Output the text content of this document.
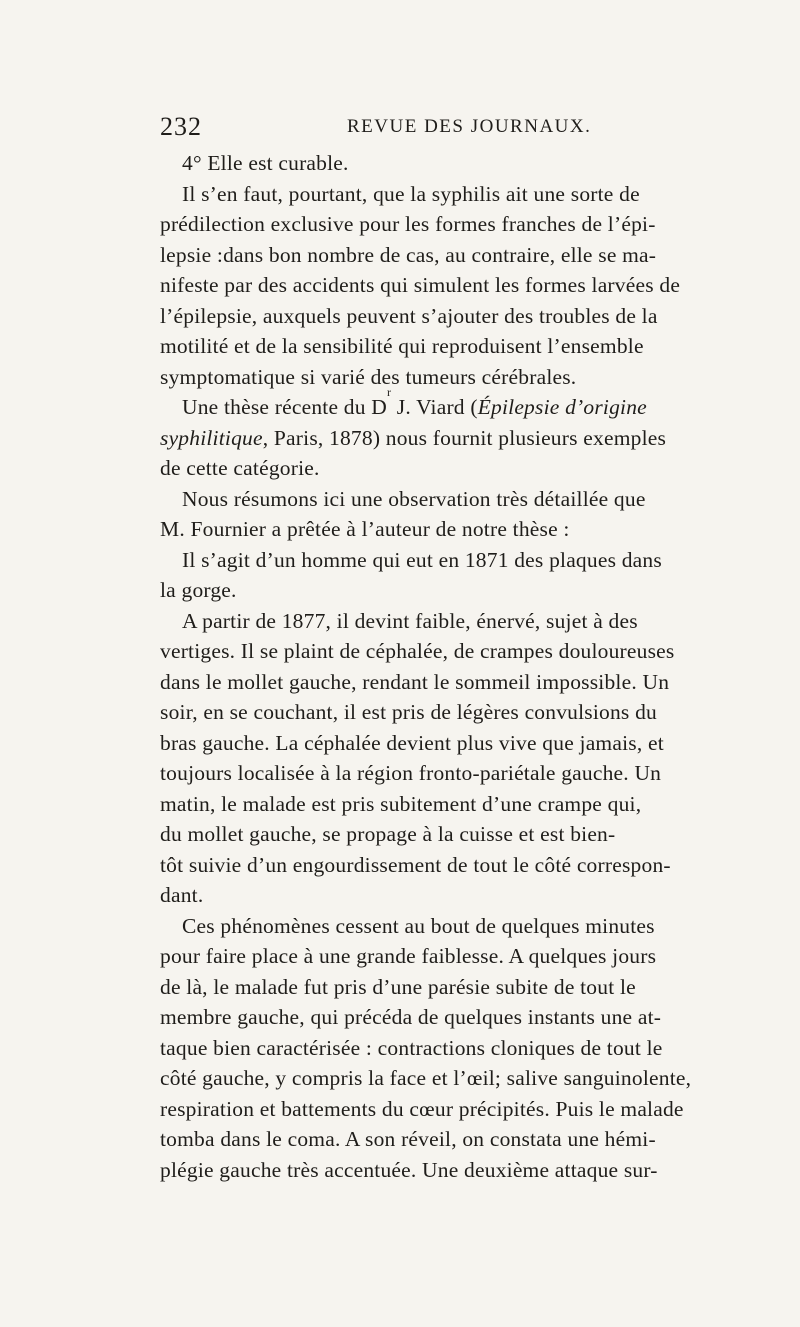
232	REVUE DES JOURNAUX.
4° Elle est curable.
Il s’en faut, pourtant, que la syphilis ait une sorte de
prédilection exclusive pour les formes franches de l’épi-
lepsie :dans bon nombre de cas, au contraire, elle se ma-
nifeste par des accidents qui simulent les formes larvées de
l’épilepsie, auxquels peuvent s’ajouter des troubles de la
motilité et de la sensibilité qui reproduisent l’ensemble
symptomatique si varié des tumeurs cérébrales.
Une thèse récente du D
r
J. Viard ( Épilepsie d’origine
syphilitique , Paris, 1878) nous fournit plusieurs exemples
de cette catégorie.
Nous résumons ici une observation très détaillée que
M. Fournier a prêtée à l’auteur de notre thèse :
Il s’agit d’un homme qui eut en 1871 des plaques dans
la gorge.
A partir de 1877, il devint faible, énervé, sujet à des
vertiges. Il se plaint de céphalée, de crampes douloureuses
dans le mollet gauche, rendant le sommeil impossible. Un
soir, en se couchant, il est pris de légères convulsions du
bras gauche. La céphalée devient plus vive que jamais, et
toujours localisée à la région fronto-pariétale gauche. Un
matin, le malade est pris subitement d’une crampe qui,
du mollet gauche, se propage à la cuisse et est bien-
tôt suivie d’un engourdissement de tout le côté correspon-
dant.
Ces phénomènes cessent au bout de quelques minutes
pour faire place à une grande faiblesse. A quelques jours
de là, le malade fut pris d’une parésie subite de tout le
membre gauche, qui précéda de quelques instants une at-
taque bien caractérisée : contractions cloniques de tout le
côté gauche, y compris la face et l’œil; salive sanguinolente,
respiration et battements du cœur précipités. Puis le malade
tomba dans le coma. A son réveil, on constata une hémi-
plégie gauche très accentuée. Une deuxième attaque sur-
